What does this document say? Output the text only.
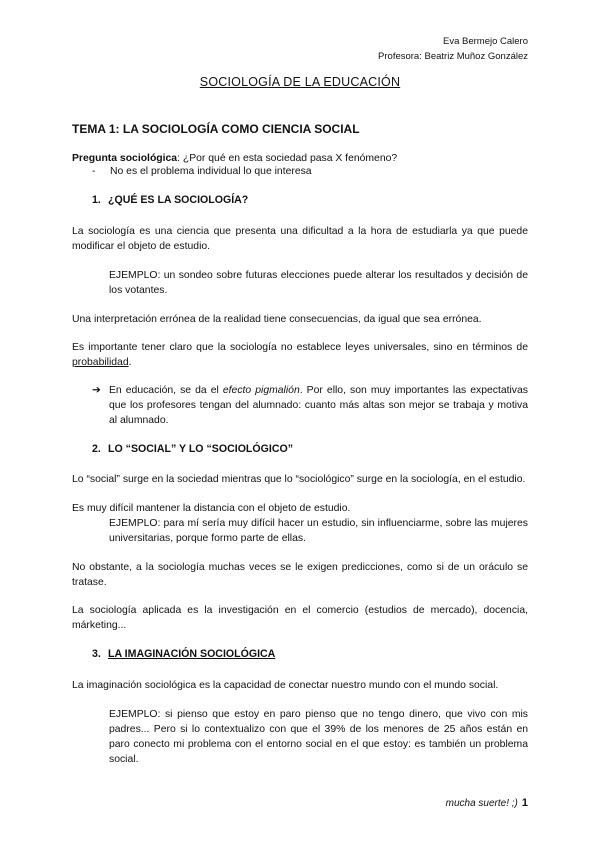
Eva Bermejo Calero
Profesora: Beatriz Muñoz González
SOCIOLOGÍA DE LA EDUCACIÓN
TEMA 1: LA SOCIOLOGÍA COMO CIENCIA SOCIAL
Pregunta sociológica: ¿Por qué en esta sociedad pasa X fenómeno?
- No es el problema individual lo que interesa
1. ¿QUÉ ES LA SOCIOLOGÍA?
La sociología es una ciencia que presenta una dificultad a la hora de estudiarla ya que puede modificar el objeto de estudio.
EJEMPLO: un sondeo sobre futuras elecciones puede alterar los resultados y decisión de los votantes.
Una interpretación errónea de la realidad tiene consecuencias, da igual que sea errónea.
Es importante tener claro que la sociología no establece leyes universales, sino en términos de probabilidad.
➔ En educación, se da el efecto pigmalión. Por ello, son muy importantes las expectativas que los profesores tengan del alumnado: cuanto más altas son mejor se trabaja y motiva al alumnado.
2. LO “SOCIAL” Y LO “SOCIOLÓGICO”
Lo “social” surge en la sociedad mientras que lo “sociológico” surge en la sociología, en el estudio.
Es muy difícil mantener la distancia con el objeto de estudio.
EJEMPLO: para mí sería muy difícil hacer un estudio, sin influenciarme, sobre las mujeres universitarias, porque formo parte de ellas.
No obstante, a la sociología muchas veces se le exigen predicciones, como si de un oráculo se tratase.
La sociología aplicada es la investigación en el comercio (estudios de mercado), docencia, márketing...
3. LA IMAGINACIÓN SOCIOLÓGICA
La imaginación sociológica es la capacidad de conectar nuestro mundo con el mundo social.
EJEMPLO: si pienso que estoy en paro pienso que no tengo dinero, que vivo con mis padres... Pero si lo contextualizo con que el 39% de los menores de 25 años están en paro conecto mi problema con el entorno social en el que estoy: es también un problema social.
mucha suerte! ;) 1
